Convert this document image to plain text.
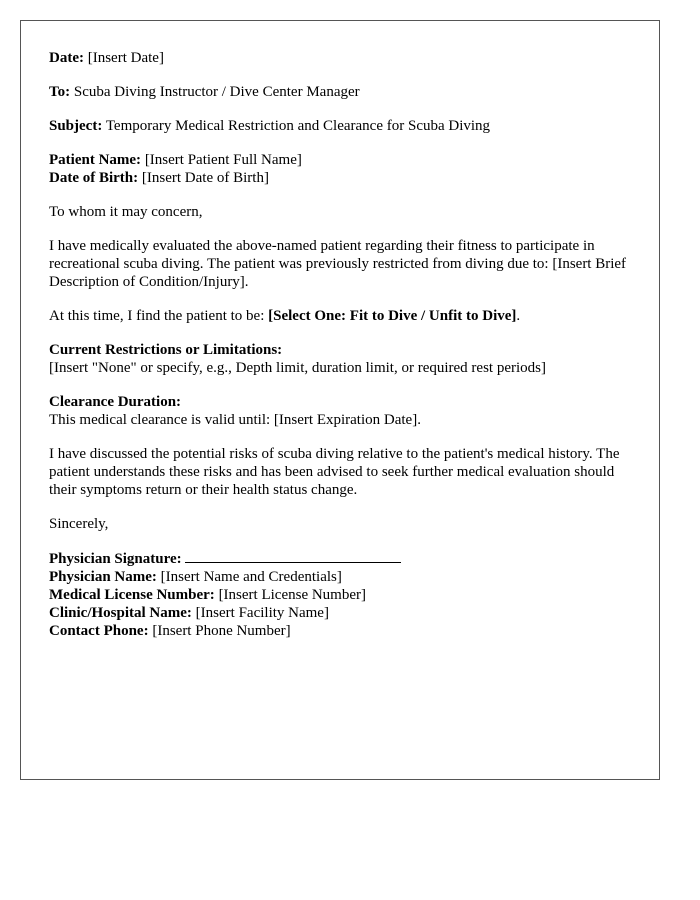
Date: [Insert Date]

To: Scuba Diving Instructor / Dive Center Manager

Subject: Temporary Medical Restriction and Clearance for Scuba Diving

Patient Name: [Insert Patient Full Name]
Date of Birth: [Insert Date of Birth]

To whom it may concern,

I have medically evaluated the above-named patient regarding their fitness to participate in recreational scuba diving. The patient was previously restricted from diving due to: [Insert Brief Description of Condition/Injury].

At this time, I find the patient to be: [Select One: Fit to Dive / Unfit to Dive].

Current Restrictions or Limitations:
[Insert "None" or specify, e.g., Depth limit, duration limit, or required rest periods]

Clearance Duration:
This medical clearance is valid until: [Insert Expiration Date].

I have discussed the potential risks of scuba diving relative to the patient's medical history. The patient understands these risks and has been advised to seek further medical evaluation should their symptoms return or their health status change.

Sincerely,

Physician Signature:
Physician Name: [Insert Name and Credentials]
Medical License Number: [Insert License Number]
Clinic/Hospital Name: [Insert Facility Name]
Contact Phone: [Insert Phone Number]
